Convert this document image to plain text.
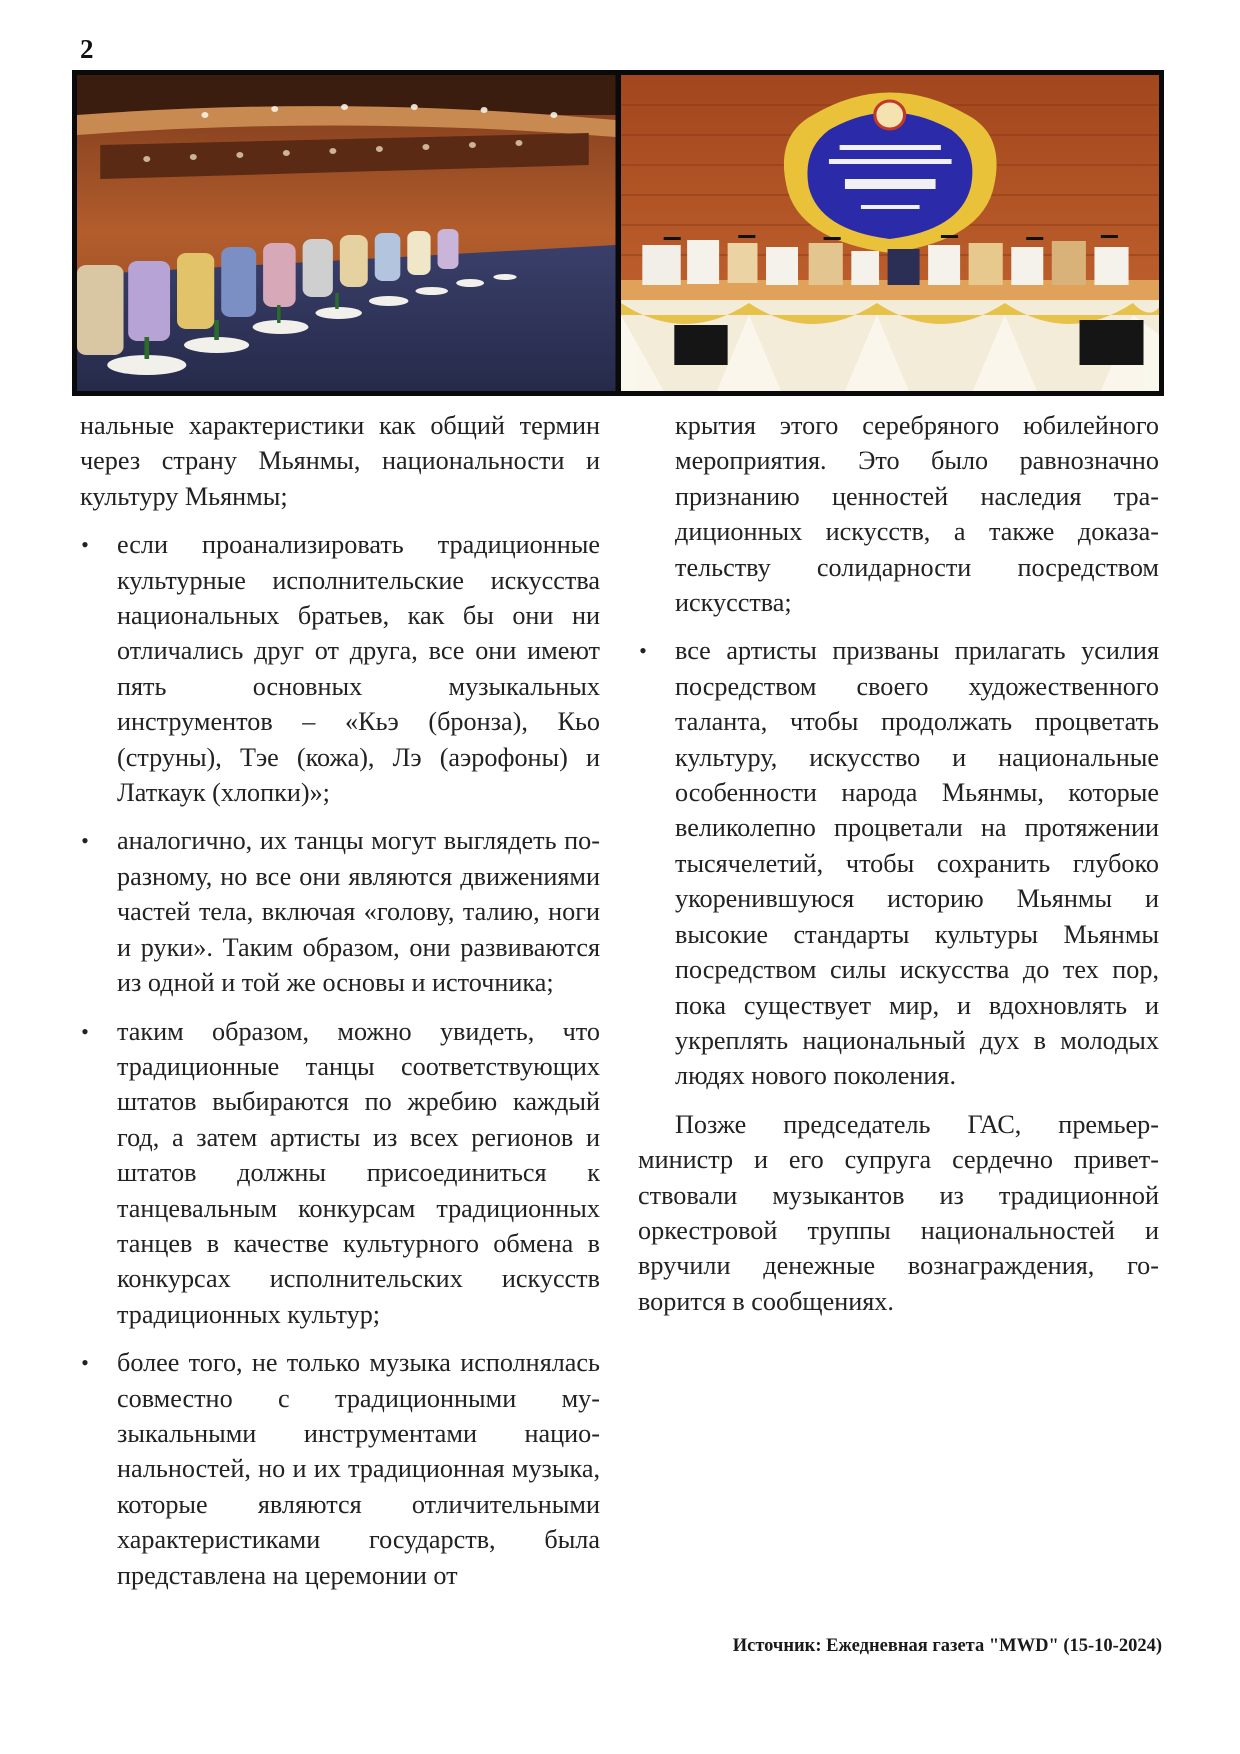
2

нальные характеристики как общий термин через страну Мьянмы, национальности и культуру Мьянмы;

• если проанализировать традиционные культурные исполнительские искусства национальных братьев, как бы они ни отличались друг от друга, все они имеют пять основных музыкальных инструментов – «Кьэ (бронза), Кьо (струны), Тэе (кожа), Лэ (аэрофоны) и Латкаук (хлопки)»;
• аналогично, их танцы могут выглядеть по-разному, но все они являются движениями частей тела, включая «голову, талию, ноги и руки». Таким образом, они развиваются из одной и той же основы и источника;
• таким образом, можно увидеть, что традиционные танцы соответствующих штатов выбираются по жребию каждый год, а затем артисты из всех регионов и штатов должны присоединиться к танцевальным конкурсам традиционных танцев в качестве культурного обмена в конкурсах исполнительских искусств традиционных культур;
• более того, не только музыка исполнялась совместно с традиционными музыкальными инструментами национальностей, но и их традиционная музыка, которые являются отличительными характеристиками государств, была представлена на церемонии от

крытия этого серебряного юбилейного мероприятия. Это было равнозначно признанию ценностей наследия традиционных искусств, а также доказательству солидарности посредством искусства;

• все артисты призваны прилагать усилия посредством своего художественного таланта, чтобы продолжать процветать культуру, искусство и национальные особенности народа Мьянмы, которые великолепно процветали на протяжении тысячелетий, чтобы сохранить глубоко укоренившуюся историю Мьянмы и высокие стандарты культуры Мьянмы посредством силы искусства до тех пор, пока существует мир, и вдохновлять и укреплять национальный дух в молодых людях нового поколения.

Позже председатель ГАС, премьер-министр и его супруга сердечно приветствовали музыкантов из традиционной оркестровой труппы национальностей и вручили денежные вознаграждения, говорится в сообщениях.

Источник: Ежедневная газета "MWD" (15-10-2024)
